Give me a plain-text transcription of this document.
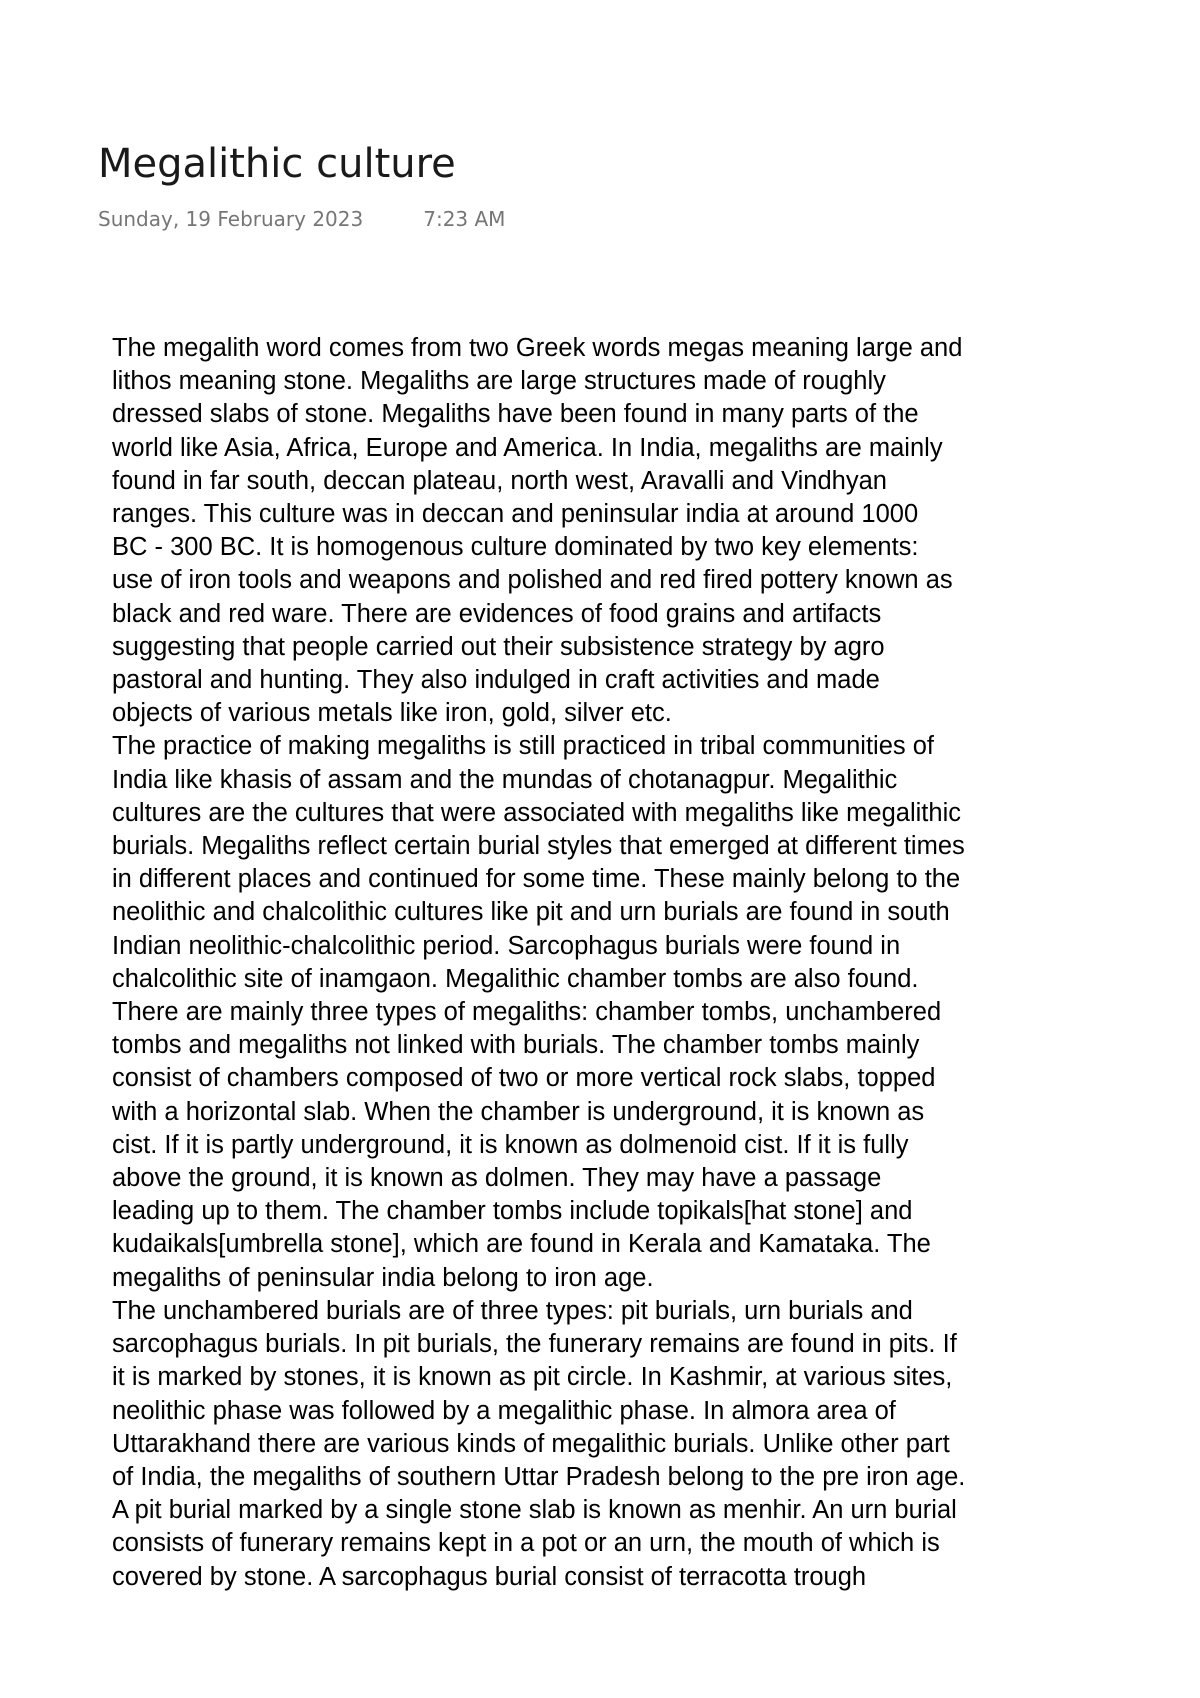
Megalithic culture
Sunday, 19 February 2023	7:23 AM
The megalith word comes from two Greek words megas meaning large and
lithos meaning stone. Megaliths are large structures made of roughly
dressed slabs of stone. Megaliths have been found in many parts of the
world like Asia, Africa, Europe and America. In India, megaliths are mainly
found in far south, deccan plateau, north west, Aravalli and Vindhyan
ranges. This culture was in deccan and peninsular india at around 1000
BC - 300 BC. It is homogenous culture dominated by two key elements:
use of iron tools and weapons and polished and red fired pottery known as
black and red ware. There are evidences of food grains and artifacts
suggesting that people carried out their subsistence strategy by agro
pastoral and hunting. They also indulged in craft activities and made
objects of various metals like iron, gold, silver etc.
The practice of making megaliths is still practiced in tribal communities of
India like khasis of assam and the mundas of chotanagpur. Megalithic
cultures are the cultures that were associated with megaliths like megalithic
burials. Megaliths reflect certain burial styles that emerged at different times
in different places and continued for some time. These mainly belong to the
neolithic and chalcolithic cultures like pit and urn burials are found in south
Indian neolithic-chalcolithic period. Sarcophagus burials were found in
chalcolithic site of inamgaon. Megalithic chamber tombs are also found.
There are mainly three types of megaliths: chamber tombs, unchambered
tombs and megaliths not linked with burials. The chamber tombs mainly
consist of chambers composed of two or more vertical rock slabs, topped
with a horizontal slab. When the chamber is underground, it is known as
cist. If it is partly underground, it is known as dolmenoid cist. If it is fully
above the ground, it is known as dolmen. They may have a passage
leading up to them. The chamber tombs include topikals[hat stone] and
kudaikals[umbrella stone], which are found in Kerala and Kamataka. The
megaliths of peninsular india belong to iron age.
The unchambered burials are of three types: pit burials, urn burials and
sarcophagus burials. In pit burials, the funerary remains are found in pits. If
it is marked by stones, it is known as pit circle. In Kashmir, at various sites,
neolithic phase was followed by a megalithic phase. In almora area of
Uttarakhand there are various kinds of megalithic burials. Unlike other part
of India, the megaliths of southern Uttar Pradesh belong to the pre iron age.
A pit burial marked by a single stone slab is known as menhir. An urn burial
consists of funerary remains kept in a pot or an urn, the mouth of which is
covered by stone. A sarcophagus burial consist of terracotta trough
